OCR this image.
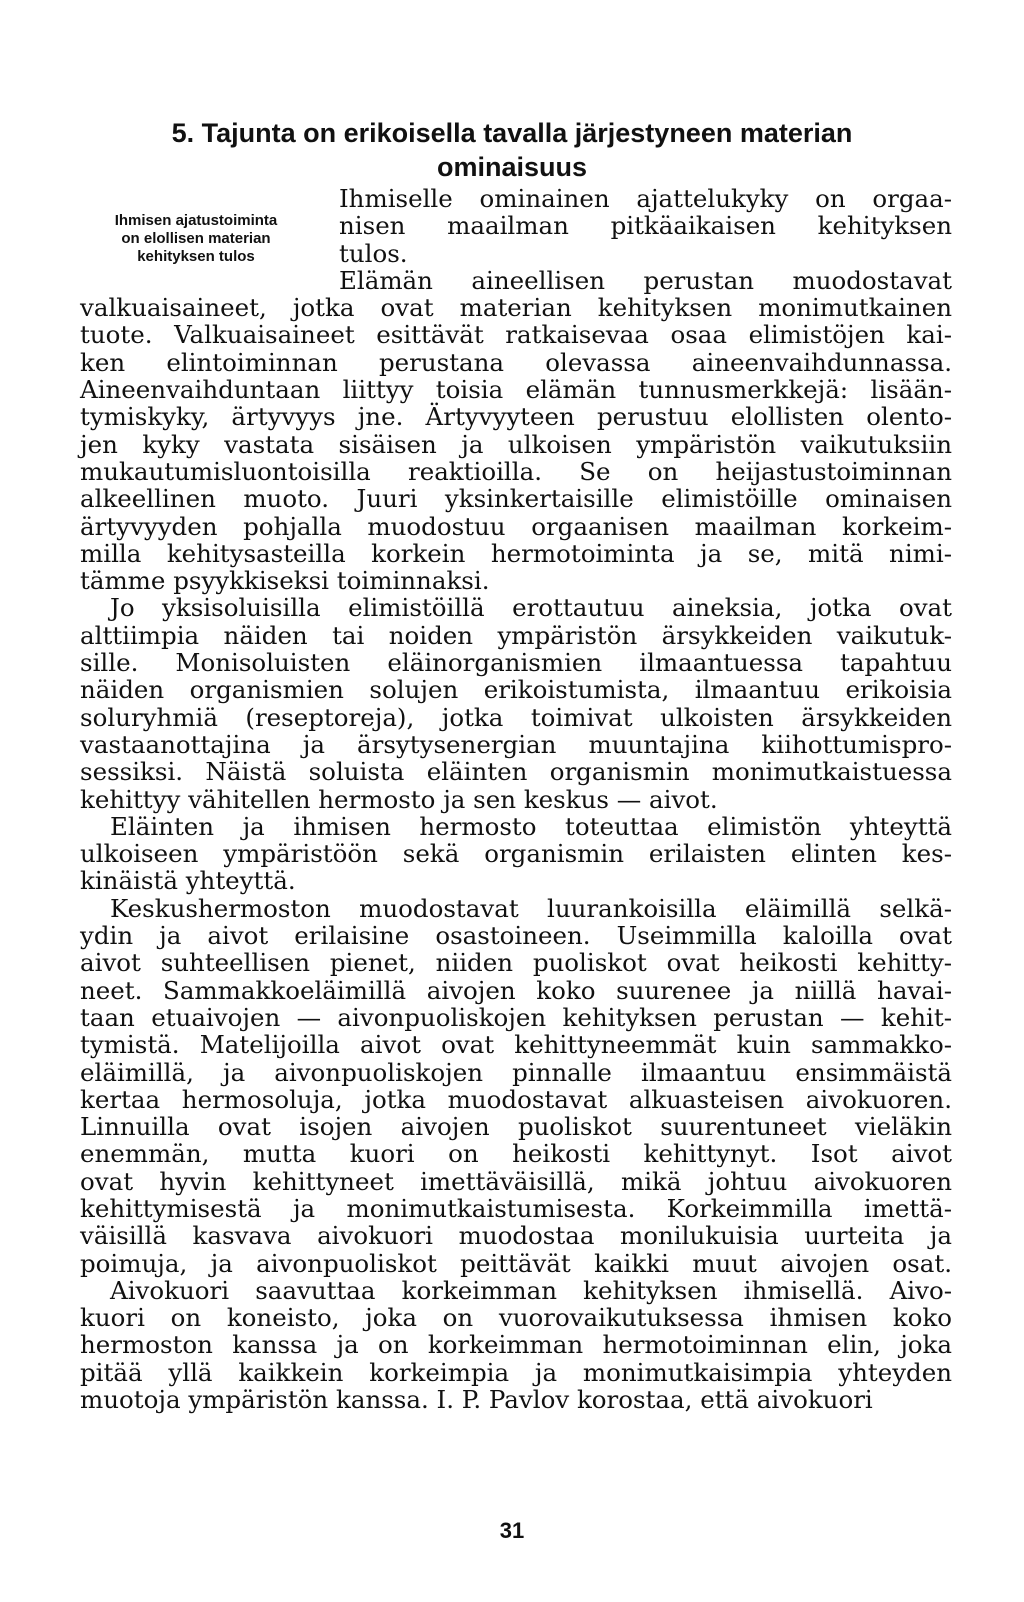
5. Tajunta on erikoisella tavalla järjestyneen materian
ominaisuus
Ihmisen ajatustoiminta
on elollisen materian
kehityksen tulos
Ihmiselle ominainen ajattelukyky on orgaa-
nisen maailman pitkäaikaisen kehityksen
tulos.
Elämän aineellisen perustan muodostavat
valkuaisaineet, jotka ovat materian kehityksen monimutkainen
tuote. Valkuaisaineet esittävät ratkaisevaa osaa elimistöjen kai-
ken elintoiminnan perustana olevassa aineenvaihdunnassa.
Aineenvaihduntaan liittyy toisia elämän tunnusmerkkejä: lisään-
tymiskyky, ärtyvyys jne. Ärtyvyyteen perustuu elollisten olento-
jen kyky vastata sisäisen ja ulkoisen ympäristön vaikutuksiin
mukautumisluontoisilla reaktioilla. Se on heijastustoiminnan
alkeellinen muoto. Juuri yksinkertaisille elimistöille ominaisen
ärtyvyyden pohjalla muodostuu orgaanisen maailman korkeim-
milla kehitysasteilla korkein hermotoiminta ja se, mitä nimi-
tämme psyykkiseksi toiminnaksi.
Jo yksisoluisilla elimistöillä erottautuu aineksia, jotka ovat
alttiimpia näiden tai noiden ympäristön ärsykkeiden vaikutuk-
sille. Monisoluisten eläinorganismien ilmaantuessa tapahtuu
näiden organismien solujen erikoistumista, ilmaantuu erikoisia
soluryhmiä (reseptoreja), jotka toimivat ulkoisten ärsykkeiden
vastaanottajina ja ärsytysenergian muuntajina kiihottumispro-
sessiksi. Näistä soluista eläinten organismin monimutkaistuessa
kehittyy vähitellen hermosto ja sen keskus — aivot.
Eläinten ja ihmisen hermosto toteuttaa elimistön yhteyttä
ulkoiseen ympäristöön sekä organismin erilaisten elinten kes-
kinäistä yhteyttä.
Keskushermoston muodostavat luurankoisilla eläimillä selkä-
ydin ja aivot erilaisine osastoineen. Useimmilla kaloilla ovat
aivot suhteellisen pienet, niiden puoliskot ovat heikosti kehitty-
neet. Sammakkoeläimillä aivojen koko suurenee ja niillä havai-
taan etuaivojen — aivonpuoliskojen kehityksen perustan — kehit-
tymistä. Matelijoilla aivot ovat kehittyneemmät kuin sammakko-
eläimillä, ja aivonpuoliskojen pinnalle ilmaantuu ensimmäistä
kertaa hermosoluja, jotka muodostavat alkuasteisen aivokuoren.
Linnuilla ovat isojen aivojen puoliskot suurentuneet vieläkin
enemmän, mutta kuori on heikosti kehittynyt. Isot aivot
ovat hyvin kehittyneet imettäväisillä, mikä johtuu aivokuoren
kehittymisestä ja monimutkaistumisesta. Korkeimmilla imettä-
väisillä kasvava aivokuori muodostaa monilukuisia uurteita ja
poimuja, ja aivonpuoliskot peittävät kaikki muut aivojen osat.
Aivokuori saavuttaa korkeimman kehityksen ihmisellä. Aivo-
kuori on koneisto, joka on vuorovaikutuksessa ihmisen koko
hermoston kanssa ja on korkeimman hermotoiminnan elin, joka
pitää yllä kaikkein korkeimpia ja monimutkaisimpia yhteyden
muotoja ympäristön kanssa. I. P. Pavlov korostaa, että aivokuori
31
